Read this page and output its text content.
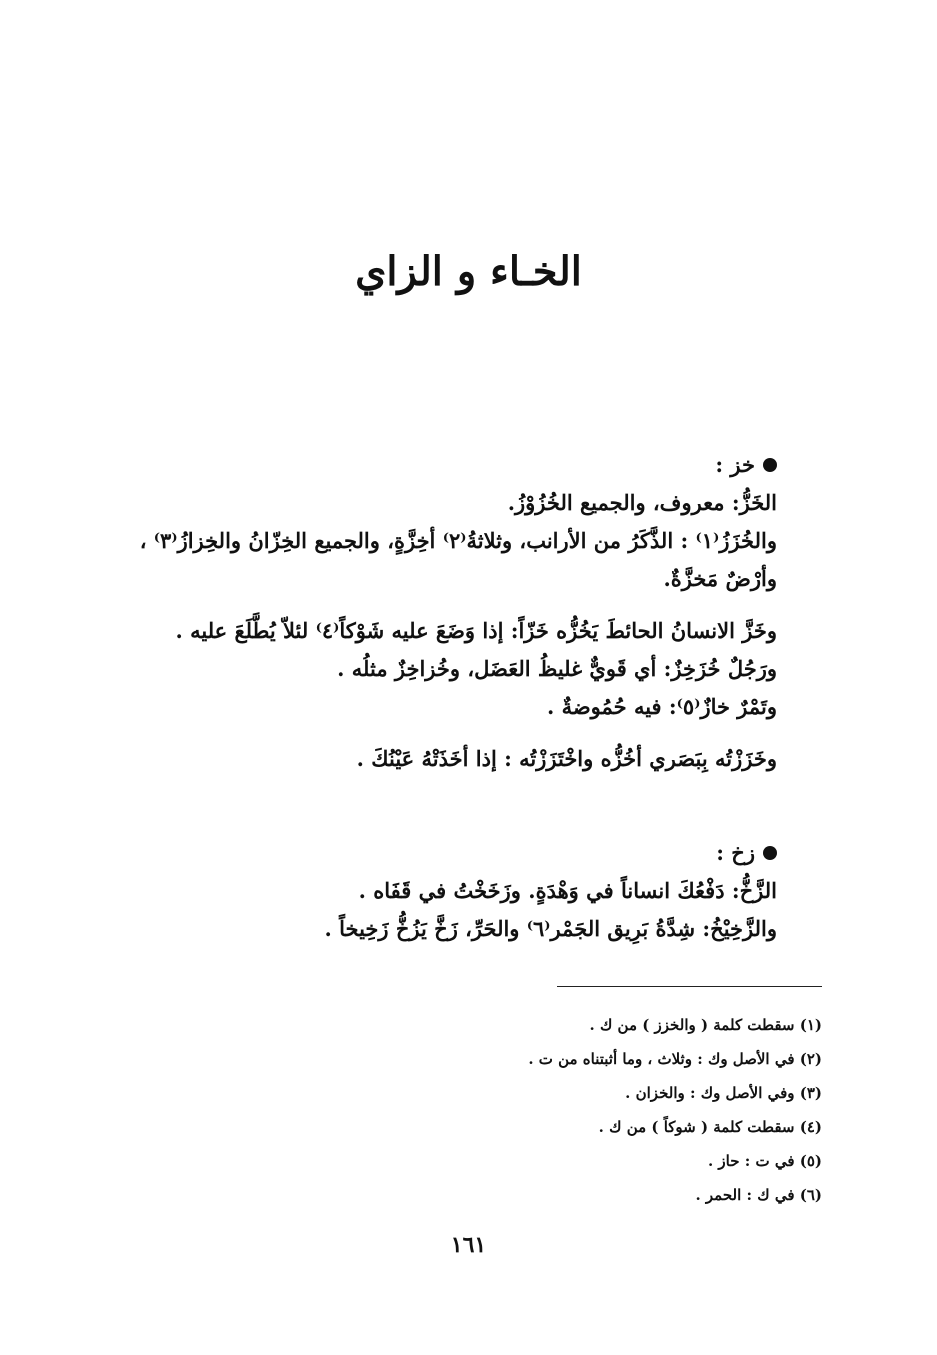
الخـاء و الزاي
خز :
الخَزُّ: معروف، والجميع الخُزُوْزُ.
والخُزَزُ⁽١⁾ : الذَّكَرُ من الأرانب، وثلاثةُ⁽٢⁾ أخِزَّةٍ، والجميع الخِزّانُ والخِزازُ⁽٣⁾ ،
وأرْضٌ مَخزَّةٌ.
وخَزَّ الانسانُ الحائطَ يَخُزُّه خَزّاً: إذا وَضَعَ عليه شَوْكاً⁽٤⁾ لئلاّ يُطَّلَعَ عليه .
ورَجُلٌ خُزَخِزٌ: أي قَويٌّ غليظُ العَضَل، وخُزاخِزٌ مثلُه .
وتَمْرٌ خازٌ⁽٥⁾: فيه حُمُوضةٌ .
وخَزَزْتُه بِبَصَري أخُزُّه واخْتَزَزْتُه : إذا أخَذَتْهُ عَيْنُكَ .
زخ :
الزَّخُّ: دَفْعُكَ انساناً في وَهْدَةٍ. وزَخَخْتُ في قَفَاه .
والزَّخِيْخُ: شِدَّةُ بَرِيق الجَمْر⁽٦⁾ والحَرِّ، زَخَّ يَزُخُّ زَخِيخاً .
(١) سقطت كلمة ( والخزز ) من ك .
(٢) في الأصل وك : وثلاث ، وما أثبتناه من ت .
(٣) وفي الأصل وك : والخزان .
(٤) سقطت كلمة ( شوكاً ) من ك .
(٥) في ت : حاز .
(٦) في ك : الحمر .
١٦١
